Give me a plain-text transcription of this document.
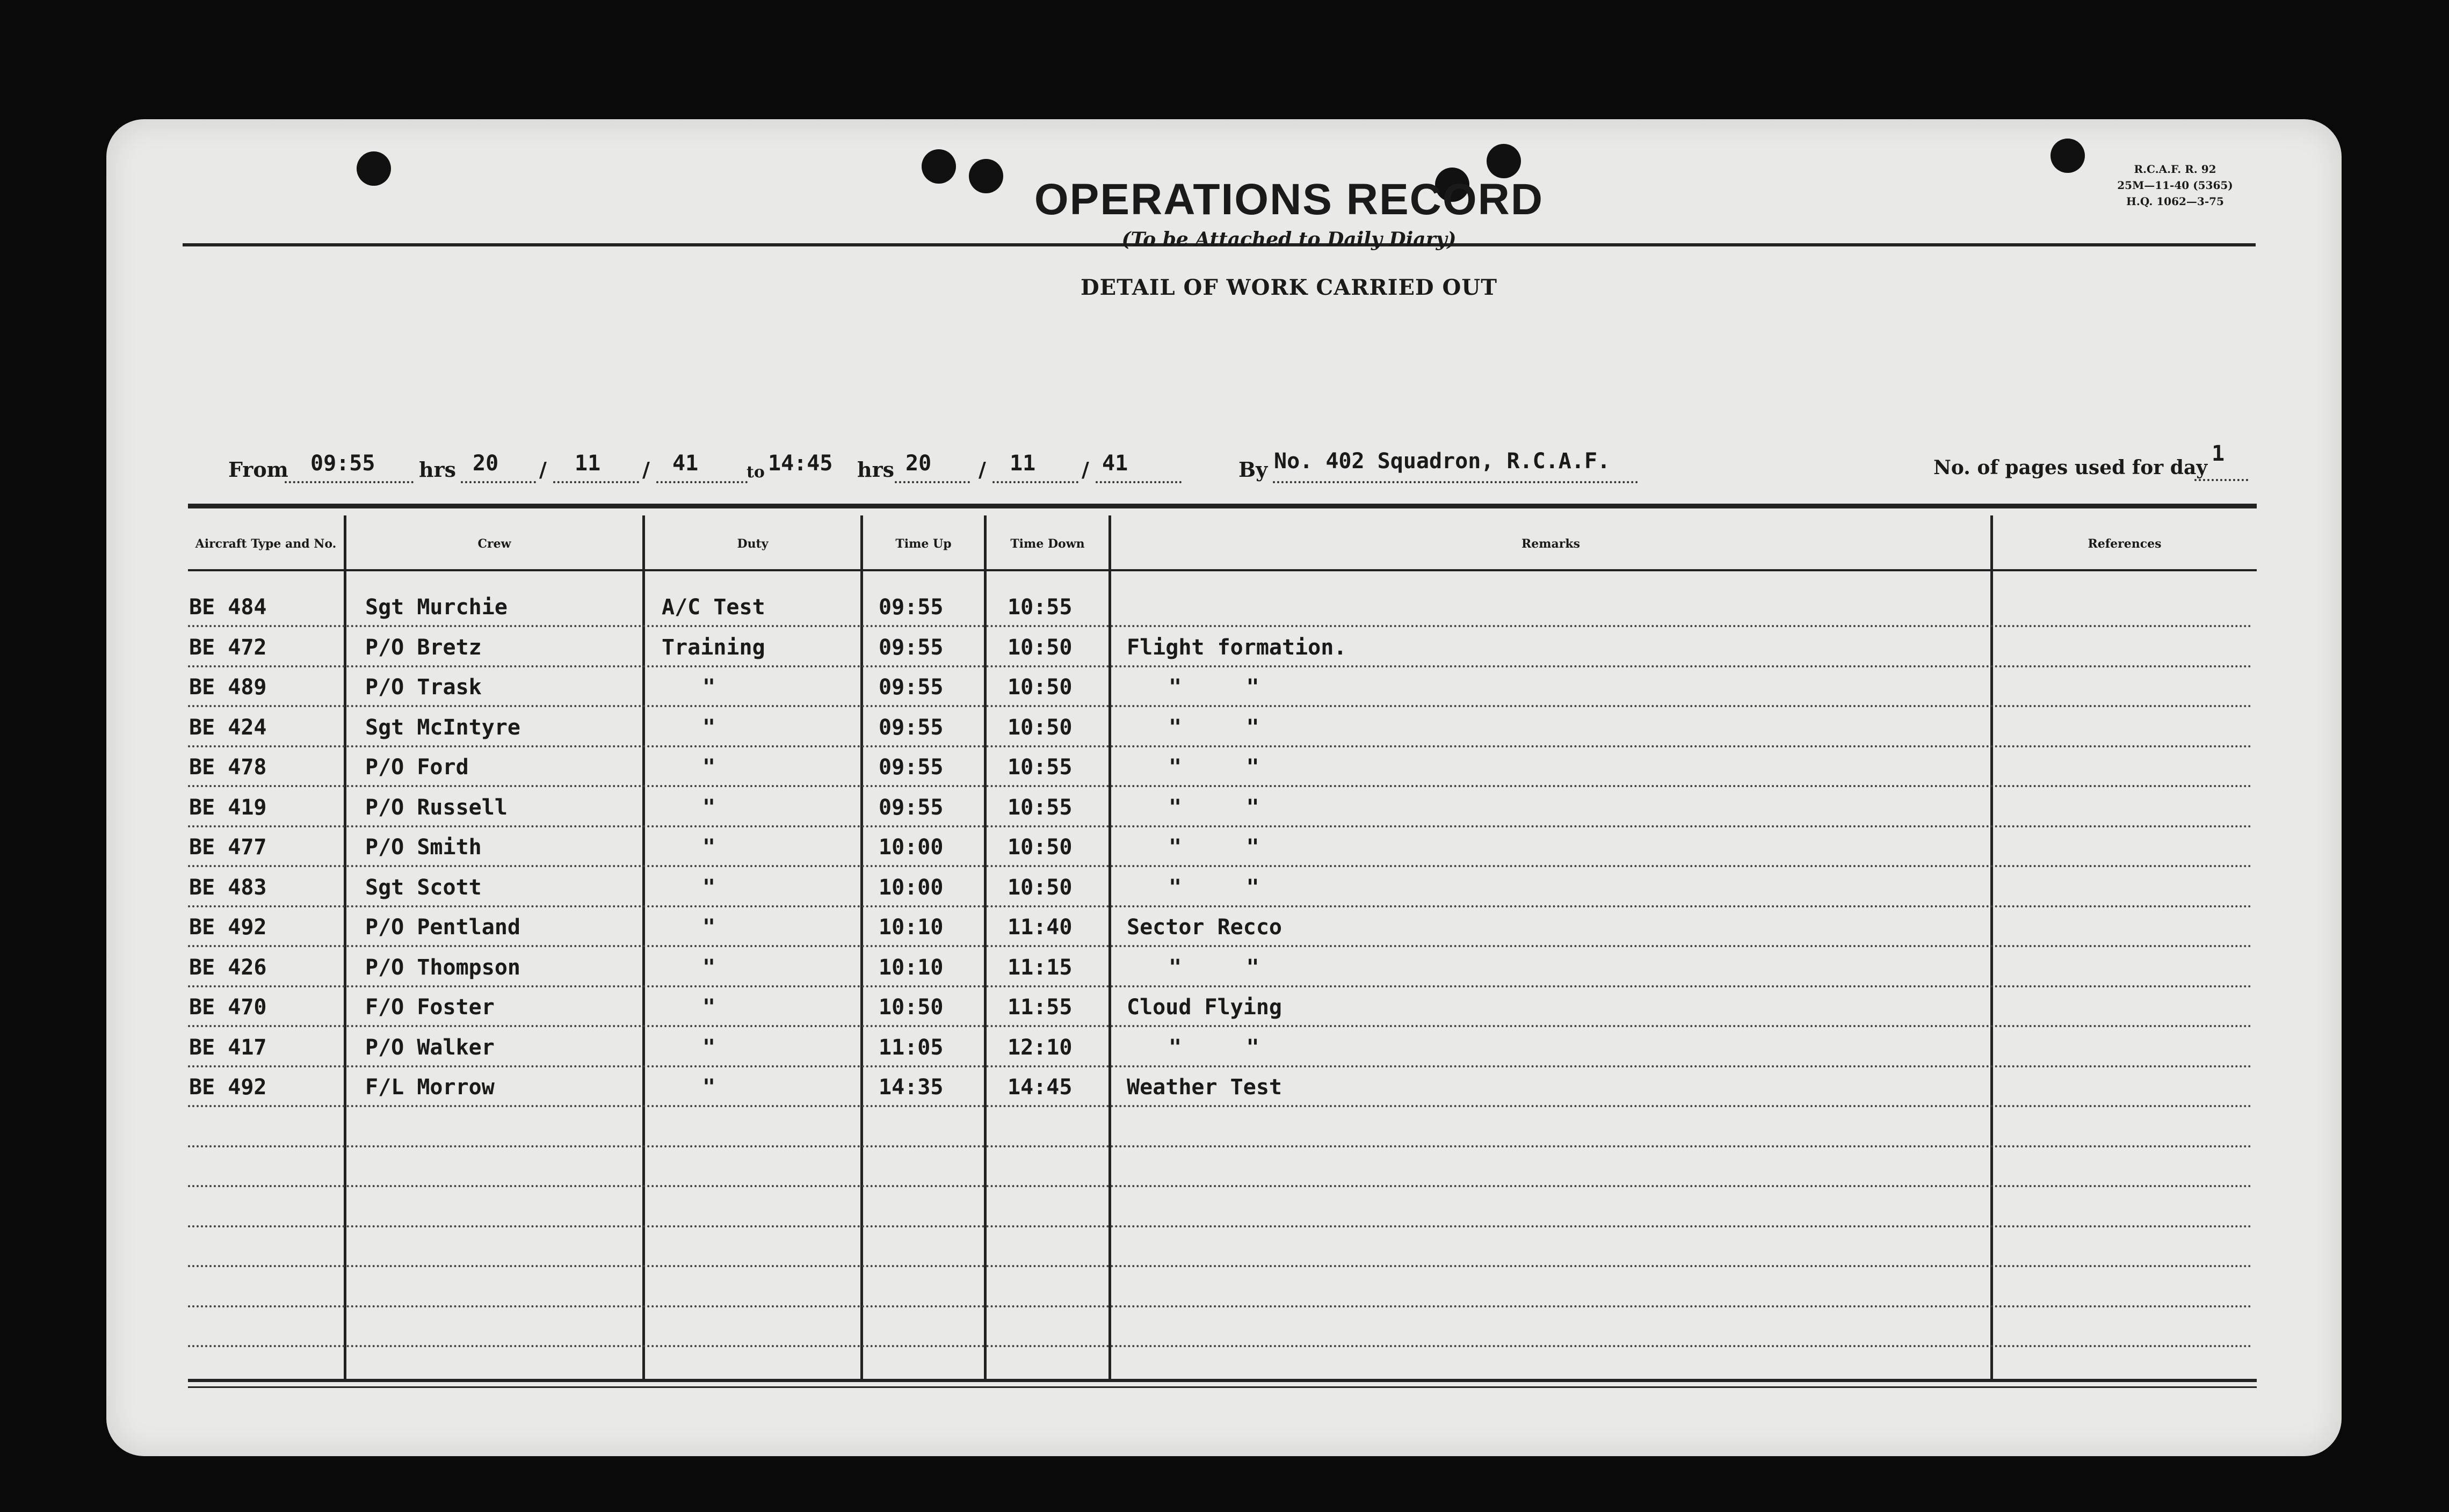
OPERATIONS RECORD
(To be Attached to Daily Diary)
DETAIL OF WORK CARRIED OUT
R.C.A.F. R. 92
25M—11-40 (5365)
H.Q. 1062—3-75
From 09:55 hrs 20 / 11 / 41	to 14:45 hrs 20 / 11 / 41	By No. 402 Squadron, R.C.A.F.	No. of pages used for day
1
Aircraft Type and No.	Crew	Duty	Time Up	Time Down	Remarks	References
BE 484	Sgt Murchie	A/C Test	09:55	10:55
BE 472	P/O Bretz	Training	09:55	10:50	Flight formation.
BE 489	P/O Trask	"	09:55	10:50	"     "
BE 424	Sgt McIntyre	"	09:55	10:50	"     "
BE 478	P/O Ford	"	09:55	10:55	"     "
BE 419	P/O Russell	"	09:55	10:55	"     "
BE 477	P/O Smith	"	10:00	10:50	"     "
BE 483	Sgt Scott	"	10:00	10:50	"     "
BE 492	P/O Pentland	"	10:10	11:40	Sector Recco
BE 426	P/O Thompson	"	10:10	11:15	"     "
BE 470	F/O Foster	"	10:50	11:55	Cloud Flying
BE 417	P/O Walker	"	11:05	12:10	"     "
BE 492	F/L Morrow	"	14:35	14:45	Weather Test
